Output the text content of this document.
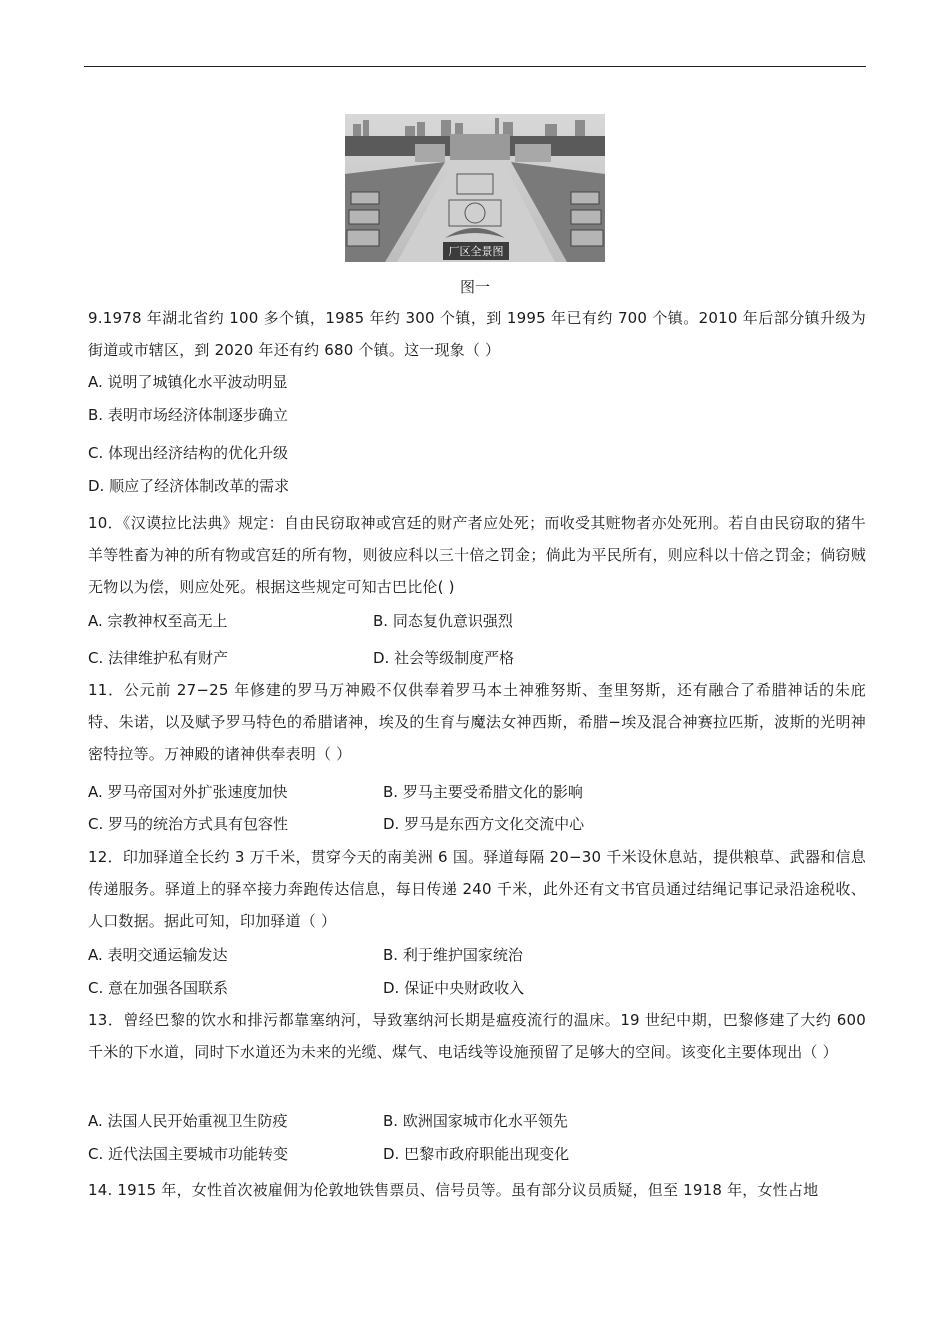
厂区全景图
图一
9.1978 年湖北省约 100 多个镇，1985 年约 300 个镇，到 1995 年已有约 700 个镇。2010 年后部分镇升级为街道或市辖区，到 2020 年还有约 680 个镇。这一现象（ ）
A. 说明了城镇化水平波动明显
B. 表明市场经济体制逐步确立
C. 体现出经济结构的优化升级
D. 顺应了经济体制改革的需求
10．《汉谟拉比法典》规定：自由民窃取神或宫廷的财产者应处死；而收受其赃物者亦处死刑。若自由民窃取的猪牛羊等牲畜为神的所有物或宫廷的所有物，则彼应科以三十倍之罚金；倘此为平民所有，则应科以十倍之罚金；倘窃贼无物以为偿，则应处死。根据这些规定可知古巴比伦( )
A. 宗教神权至高无上	B. 同态复仇意识强烈
C. 法律维护私有财产	D. 社会等级制度严格
11．公元前 27−25 年修建的罗马万神殿不仅供奉着罗马本土神雅努斯、奎里努斯，还有融合了希腊神话的朱庇特、朱诺，以及赋予罗马特色的希腊诸神，埃及的生育与魔法女神西斯，希腊−埃及混合神赛拉匹斯，波斯的光明神密特拉等。万神殿的诸神供奉表明（ ）
A. 罗马帝国对外扩张速度加快	B. 罗马主要受希腊文化的影响
C. 罗马的统治方式具有包容性	D. 罗马是东西方文化交流中心
12．印加驿道全长约 3 万千米，贯穿今天的南美洲 6 国。驿道每隔 20−30 千米设休息站，提供粮草、武器和信息传递服务。驿道上的驿卒接力奔跑传达信息，每日传递 240 千米，此外还有文书官员通过结绳记事记录沿途税收、人口数据。据此可知，印加驿道（ ）
A. 表明交通运输发达	B. 利于维护国家统治
C. 意在加强各国联系	D. 保证中央财政收入
13．曾经巴黎的饮水和排污都靠塞纳河，导致塞纳河长期是瘟疫流行的温床。19 世纪中期，巴黎修建了大约 600 千米的下水道，同时下水道还为未来的光缆、煤气、电话线等设施预留了足够大的空间。该变化主要体现出（ ）
A. 法国人民开始重视卫生防疫	B. 欧洲国家城市化水平领先
C. 近代法国主要城市功能转变	D. 巴黎市政府职能出现变化
14. 1915 年，女性首次被雇佣为伦敦地铁售票员、信号员等。虽有部分议员质疑，但至 1918 年，女性占地
